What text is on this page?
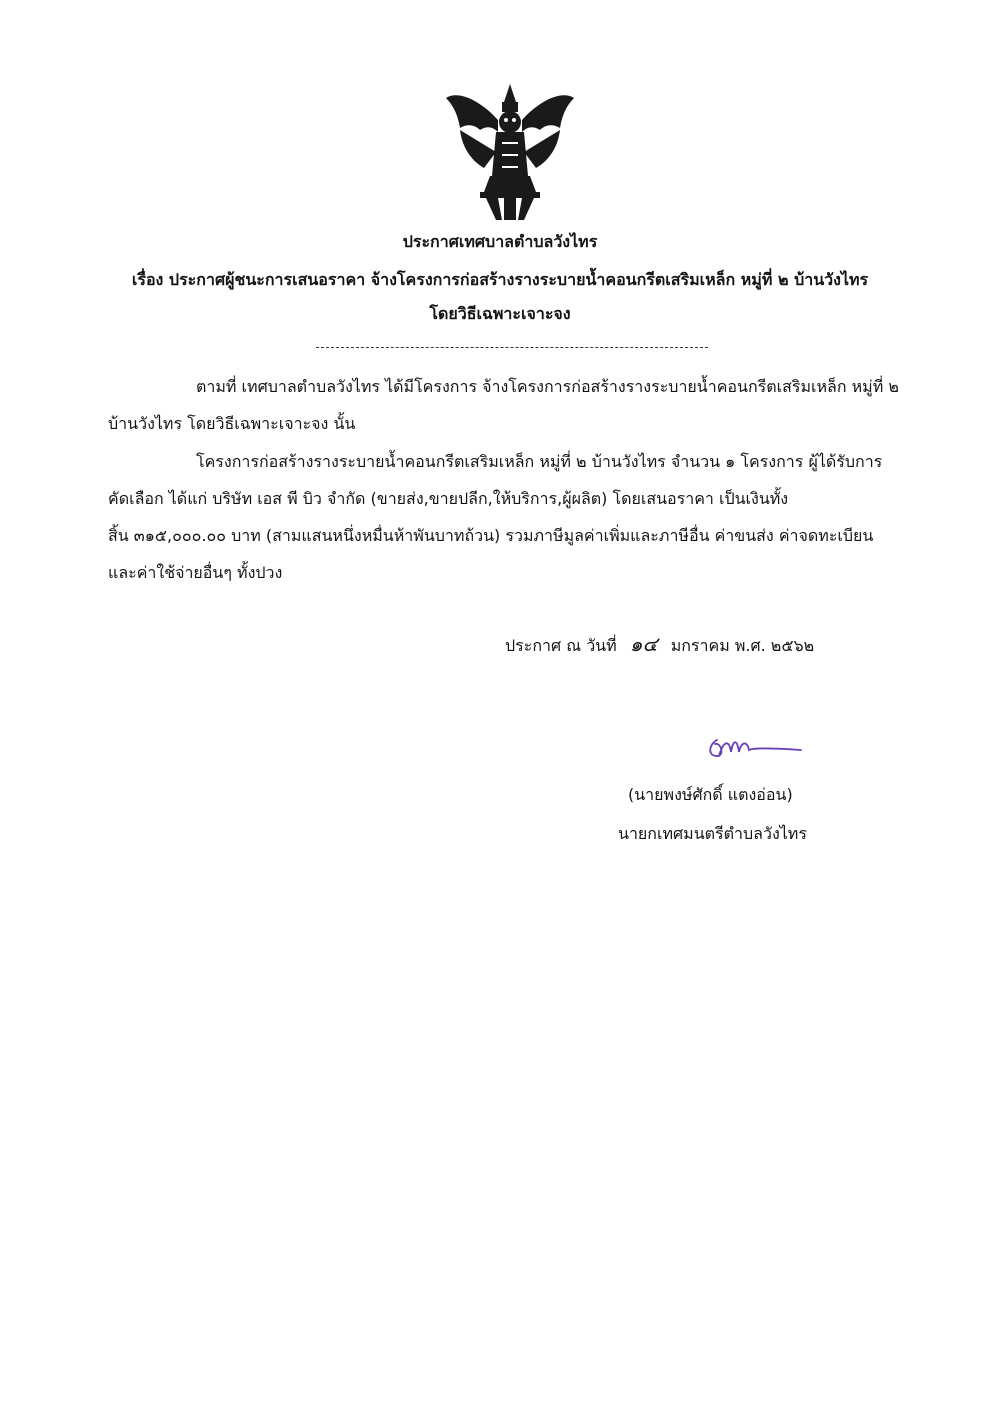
ประกาศเทศบาลตำบลวังไทร
เรื่อง ประกาศผู้ชนะการเสนอราคา จ้างโครงการก่อสร้างรางระบายน้ำคอนกรีตเสริมเหล็ก หมู่ที่ ๒ บ้านวังไทร
โดยวิธีเฉพาะเจาะจง
ตามที่ เทศบาลตำบลวังไทร ได้มีโครงการ จ้างโครงการก่อสร้างรางระบายน้ำคอนกรีตเสริมเหล็ก หมู่ที่ ๒
บ้านวังไทร โดยวิธีเฉพาะเจาะจง นั้น
โครงการก่อสร้างรางระบายน้ำคอนกรีตเสริมเหล็ก หมู่ที่ ๒ บ้านวังไทร จำนวน ๑ โครงการ ผู้ได้รับการ
คัดเลือก ได้แก่ บริษัท เอส พี บิว จำกัด (ขายส่ง,ขายปลีก,ให้บริการ,ผู้ผลิต) โดยเสนอราคา เป็นเงินทั้ง
สิ้น ๓๑๕,๐๐๐.๐๐ บาท (สามแสนหนึ่งหมื่นห้าพันบาทถ้วน) รวมภาษีมูลค่าเพิ่มและภาษีอื่น ค่าขนส่ง ค่าจดทะเบียน
และค่าใช้จ่ายอื่นๆ ทั้งปวง
ประกาศ ณ วันที่ ๑๔ มกราคม พ.ศ. ๒๕๖๒
(นายพงษ์ศักดิ์ แตงอ่อน)
นายกเทศมนตรีตำบลวังไทร
